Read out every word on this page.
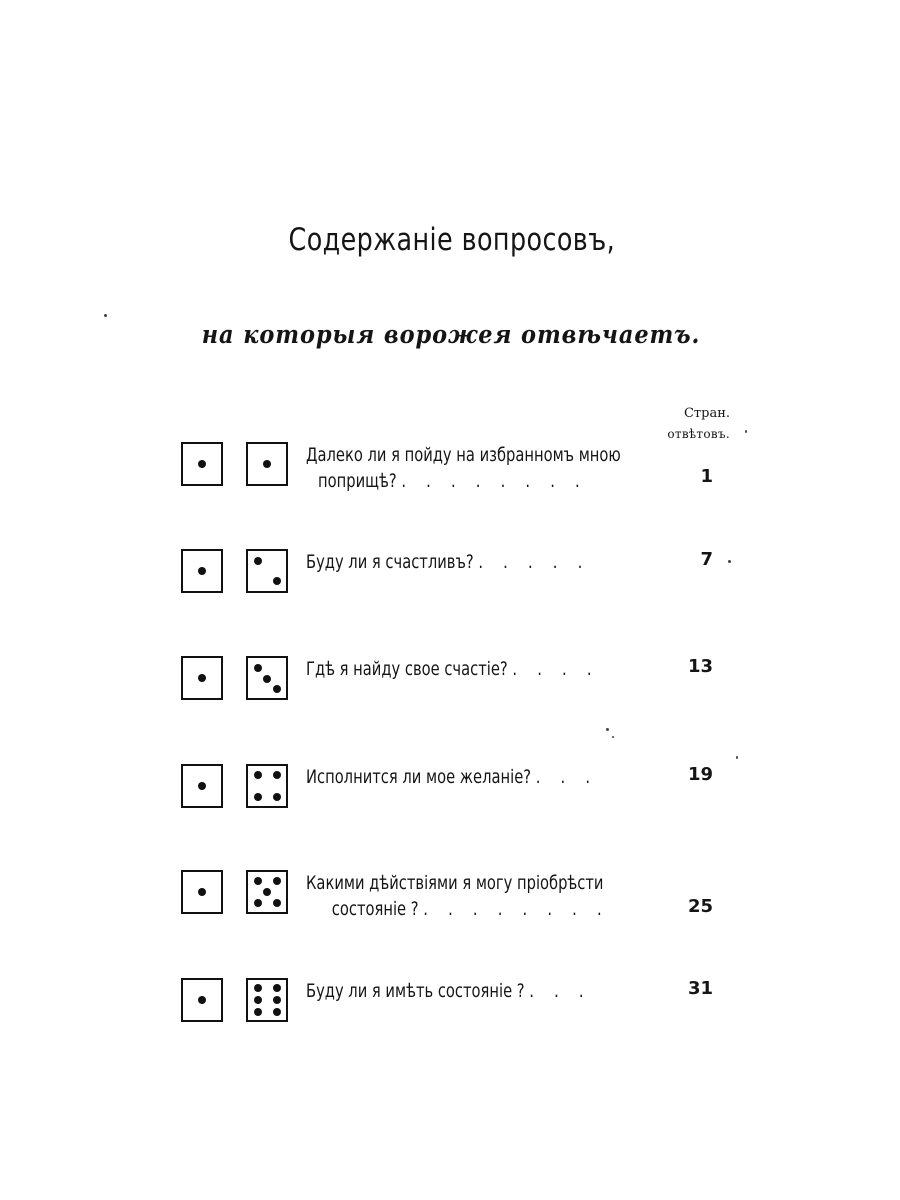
Содержаніе вопросовъ,
на которыя ворожея отвѣчаетъ.
Стран.
отвѣтовъ.
Далеко ли я пойду на избранномъ мною
поприщѣ? . . . . . . . .	1
Буду ли я счастливъ? . . . . .	7
Гдѣ я найду свое счастіе? . . . .	13
Исполнится ли мое желаніе? . . .	19
Какими дѣйствіями я могу пріобрѣсти
состояніе ? . . . . . . . .	25
Буду ли я имѣть состояніе ? . . .	31
